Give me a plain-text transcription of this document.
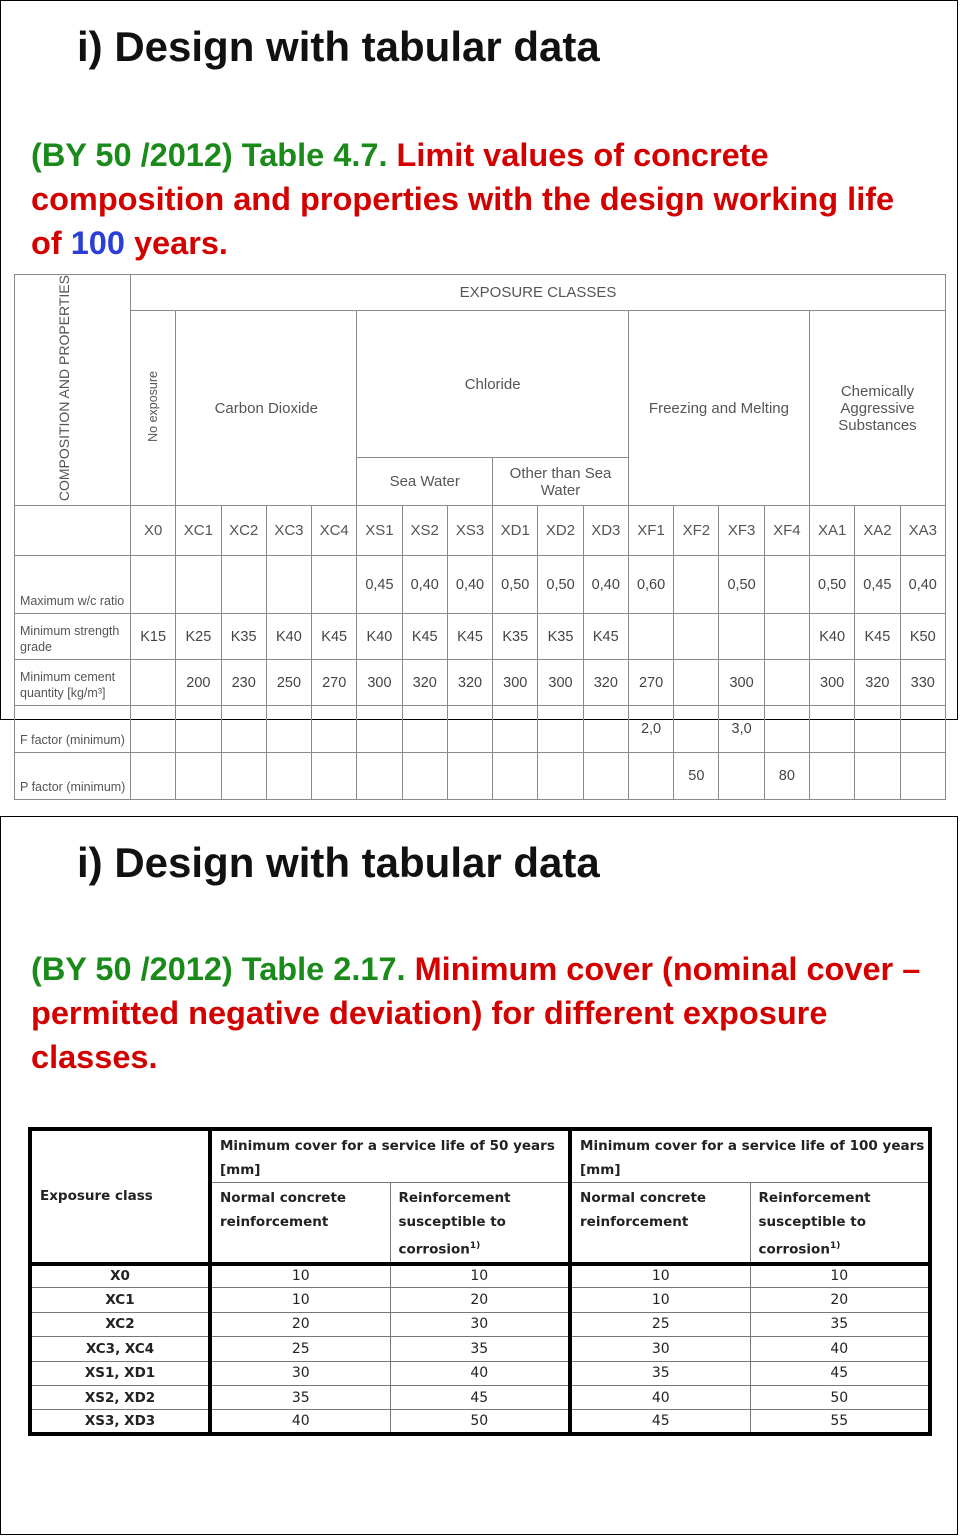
i) Design with tabular data
(BY 50 /2012) Table 4.7. Limit values of concrete composition and properties with the design working life of 100 years.
COMPOSITION AND PROPERTIES	EXPOSURE CLASSES																	
	No exposure	Carbon Dioxide				Chloride						Freezing and Melting				Chemically Aggressive Substances		
						Sea Water			Other than Sea Water									
	X0	XC1	XC2	XC3	XC4	XS1	XS2	XS3	XD1	XD2	XD3	XF1	XF2	XF3	XF4	XA1	XA2	XA3
Maximum w/c ratio						0,45	0,40	0,40	0,50	0,50	0,40	0,60		0,50		0,50	0,45	0,40
Minimum strength grade	K15	K25	K35	K40	K45	K40	K45	K45	K35	K35	K45					K40	K45	K50
Minimum cement quantity [kg/m³]		200	230	250	270	300	320	320	300	300	320	270		300		300	320	330
F factor (minimum)												2,0		3,0				
P factor (minimum)													50		80			
i) Design with tabular data
(BY 50 /2012) Table 2.17. Minimum cover (nominal cover – permitted negative deviation) for different exposure classes.
Exposure class	Minimum cover for a service life of 50 years [mm]		Minimum cover for a service life of 100 years [mm]	
	Normal concrete reinforcement	Reinforcement susceptible to corrosion$^{1)}$	Normal concrete reinforcement	Reinforcement susceptible to corrosion$^{1)}$
X0	10	10	10	10
XC1	10	20	10	20
XC2	20	30	25	35
XC3, XC4	25	35	30	40
XS1, XD1	30	40	35	45
XS2, XD2	35	45	40	50
XS3, XD3	40	50	45	55
